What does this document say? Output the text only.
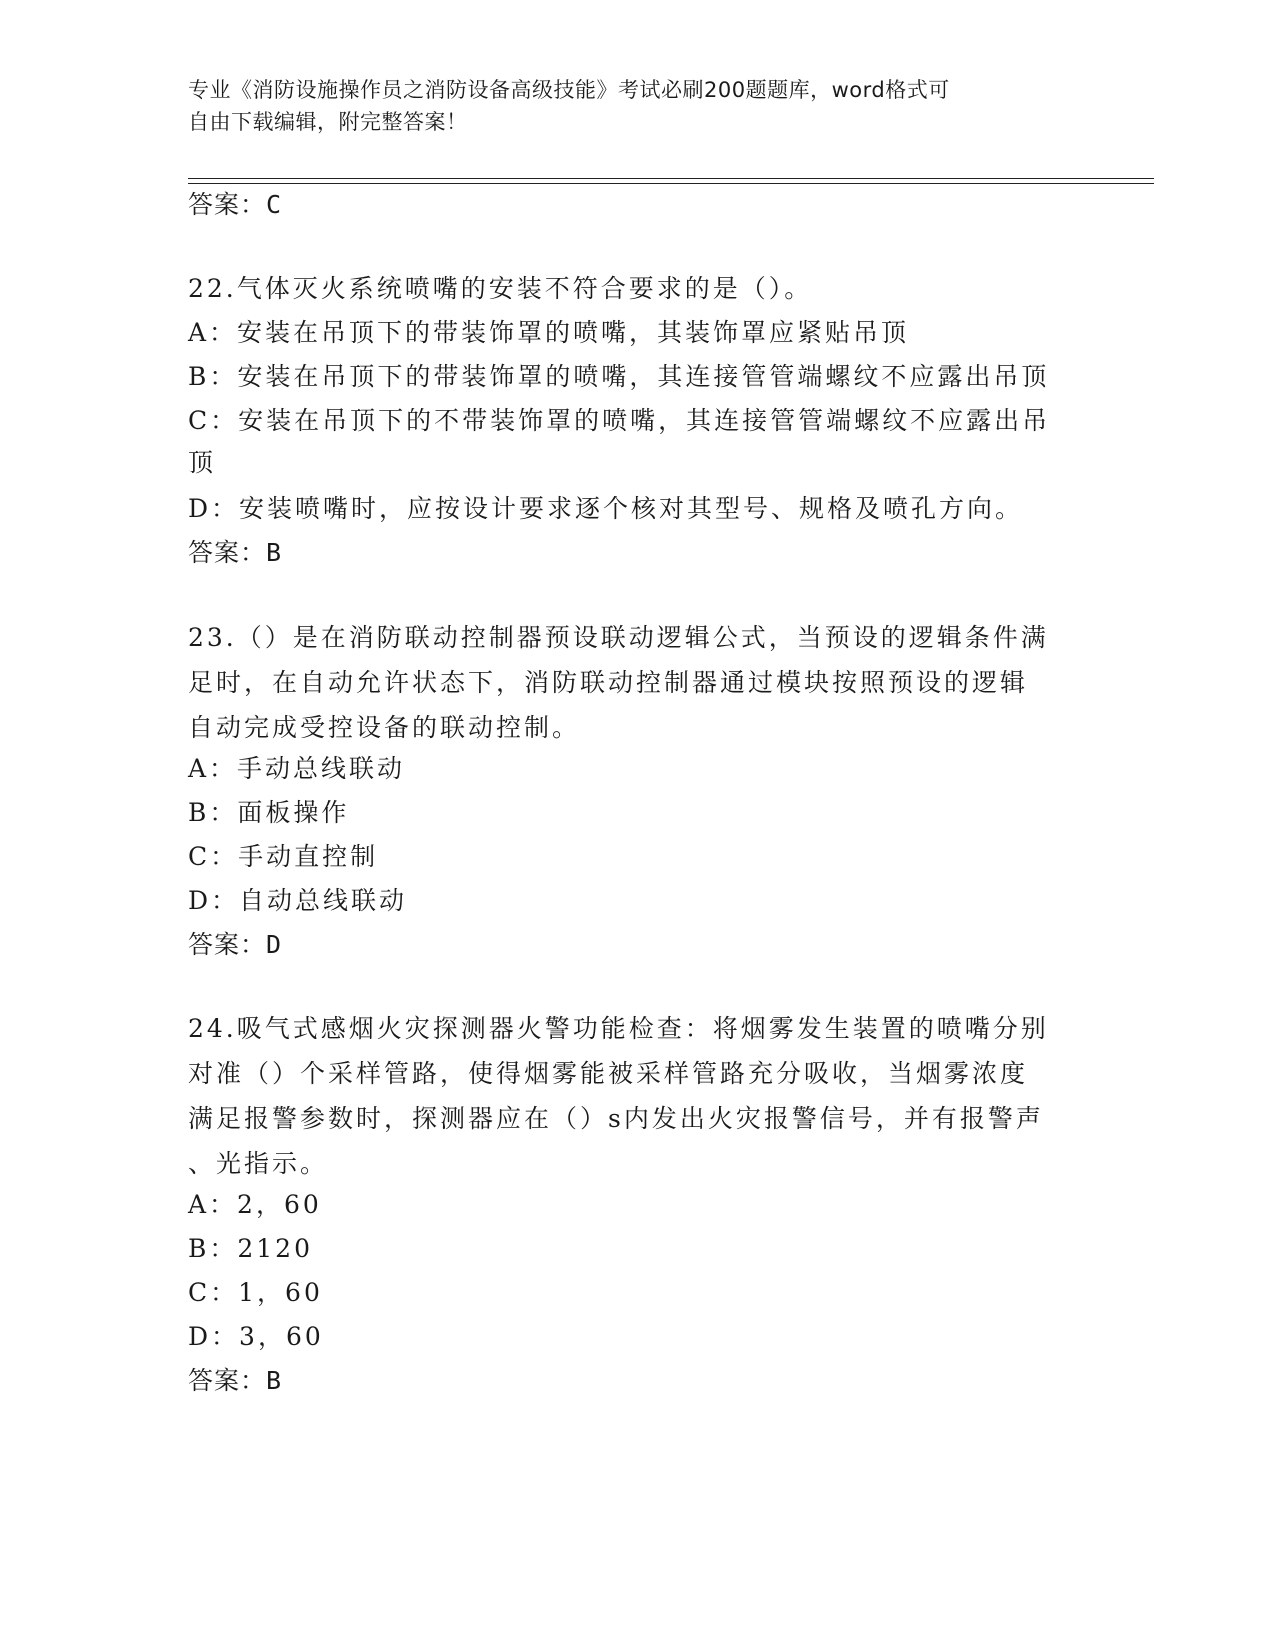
专业《消防设施操作员之消防设备高级技能》考试必刷200题题库，word格式可
自由下载编辑，附完整答案！
答案：C
22.气体灭火系统喷嘴的安装不符合要求的是（）。
A：安装在吊顶下的带装饰罩的喷嘴，其装饰罩应紧贴吊顶
B：安装在吊顶下的带装饰罩的喷嘴，其连接管管端螺纹不应露出吊顶
C：安装在吊顶下的不带装饰罩的喷嘴，其连接管管端螺纹不应露出吊
顶
D：安装喷嘴时，应按设计要求逐个核对其型号、规格及喷孔方向。
答案：B
23.（）是在消防联动控制器预设联动逻辑公式，当预设的逻辑条件满
足时，在自动允许状态下，消防联动控制器通过模块按照预设的逻辑
自动完成受控设备的联动控制。
A：手动总线联动
B：面板操作
C：手动直控制
D：自动总线联动
答案：D
24.吸气式感烟火灾探测器火警功能检查：将烟雾发生装置的喷嘴分别
对准（）个采样管路，使得烟雾能被采样管路充分吸收，当烟雾浓度
满足报警参数时，探测器应在（）s内发出火灾报警信号，并有报警声
、光指示。
A：2，60
B：2120
C：1，60
D：3，60
答案：B
